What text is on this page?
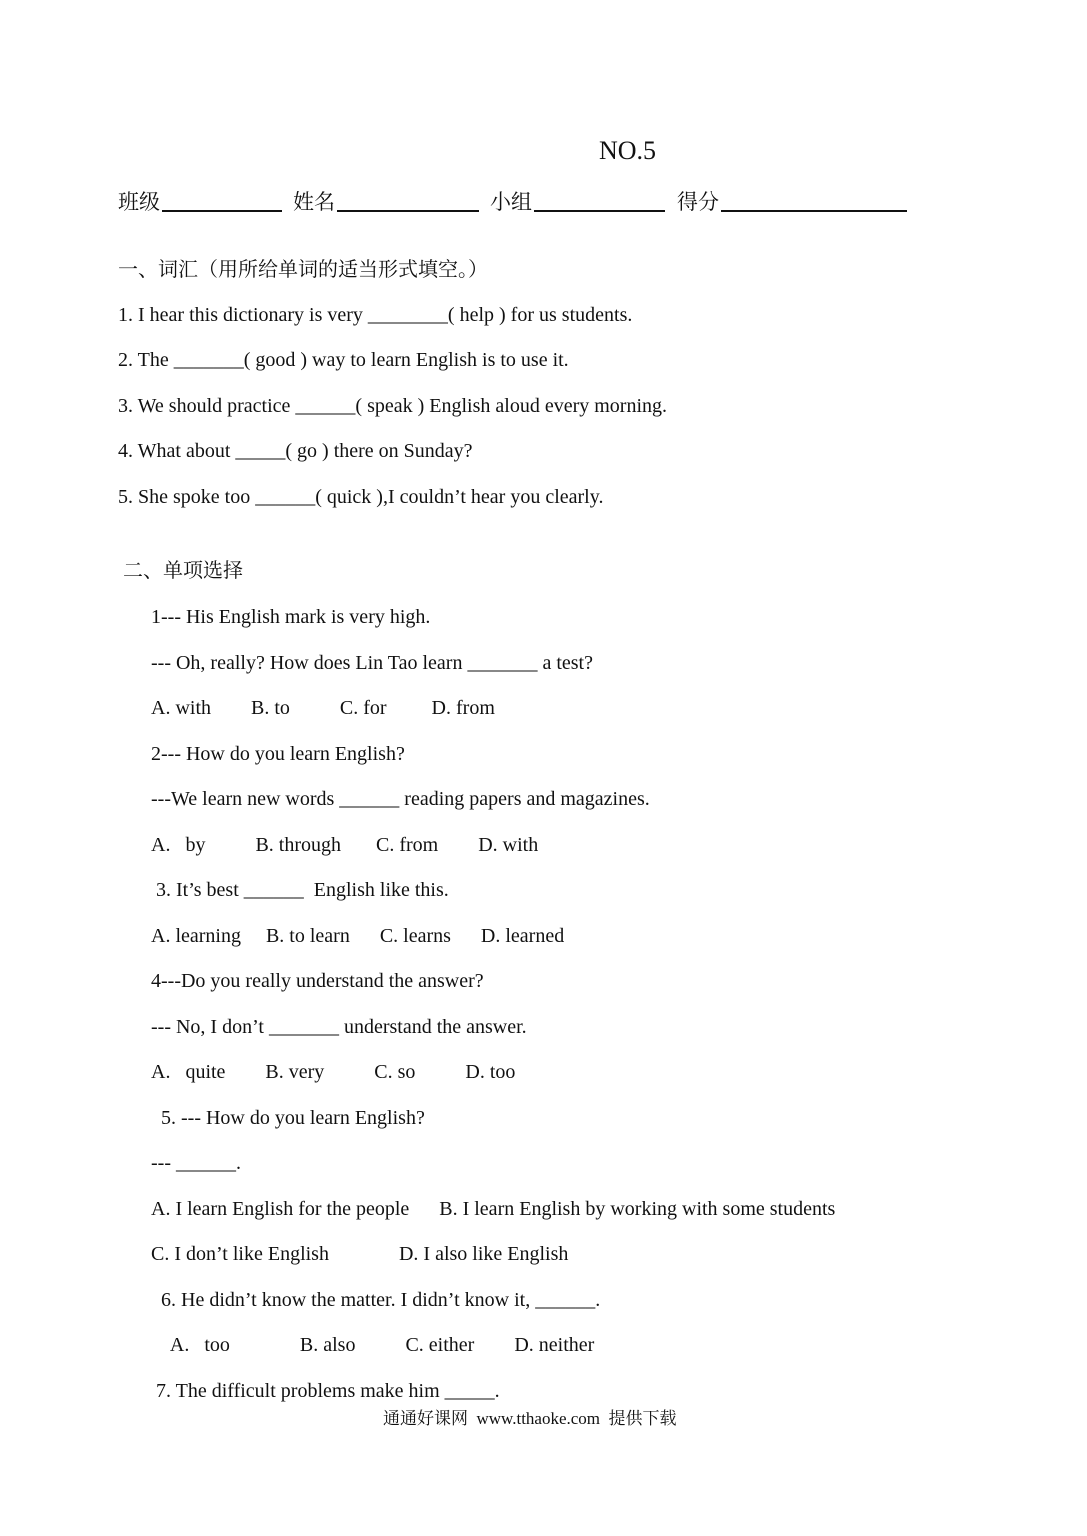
NO.5
班级	姓名	小组	得分
一、词汇（用所给单词的适当形式填空。）
1. I hear this dictionary is very ________( help ) for us students.
2. The _______( good ) way to learn English is to use it.
3. We should practice ______( speak ) English aloud every morning.
4. What about _____( go ) there on Sunday?
5. She spoke too ______( quick ),I couldn’t hear you clearly.
二、单项选择
1--- His English mark is very high.
--- Oh, really? How does Lin Tao learn _______ a test?
A. with        B. to          C. for         D. from
2--- How do you learn English?
---We learn new words ______ reading papers and magazines.
A.   by          B. through       C. from        D. with
3. It’s best ______  English like this.
A. learning     B. to learn      C. learns      D. learned
4---Do you really understand the answer?
--- No, I don’t _______ understand the answer.
A.   quite        B. very          C. so          D. too
5. --- How do you learn English?
--- ______.
A. I learn English for the people      B. I learn English by working with some students
C. I don’t like English              D. I also like English
6. He didn’t know the matter. I didn’t know it, ______.
A.   too              B. also          C. either        D. neither
7. The difficult problems make him _____.
通通好课网 www.tthaoke.com 提供下载
